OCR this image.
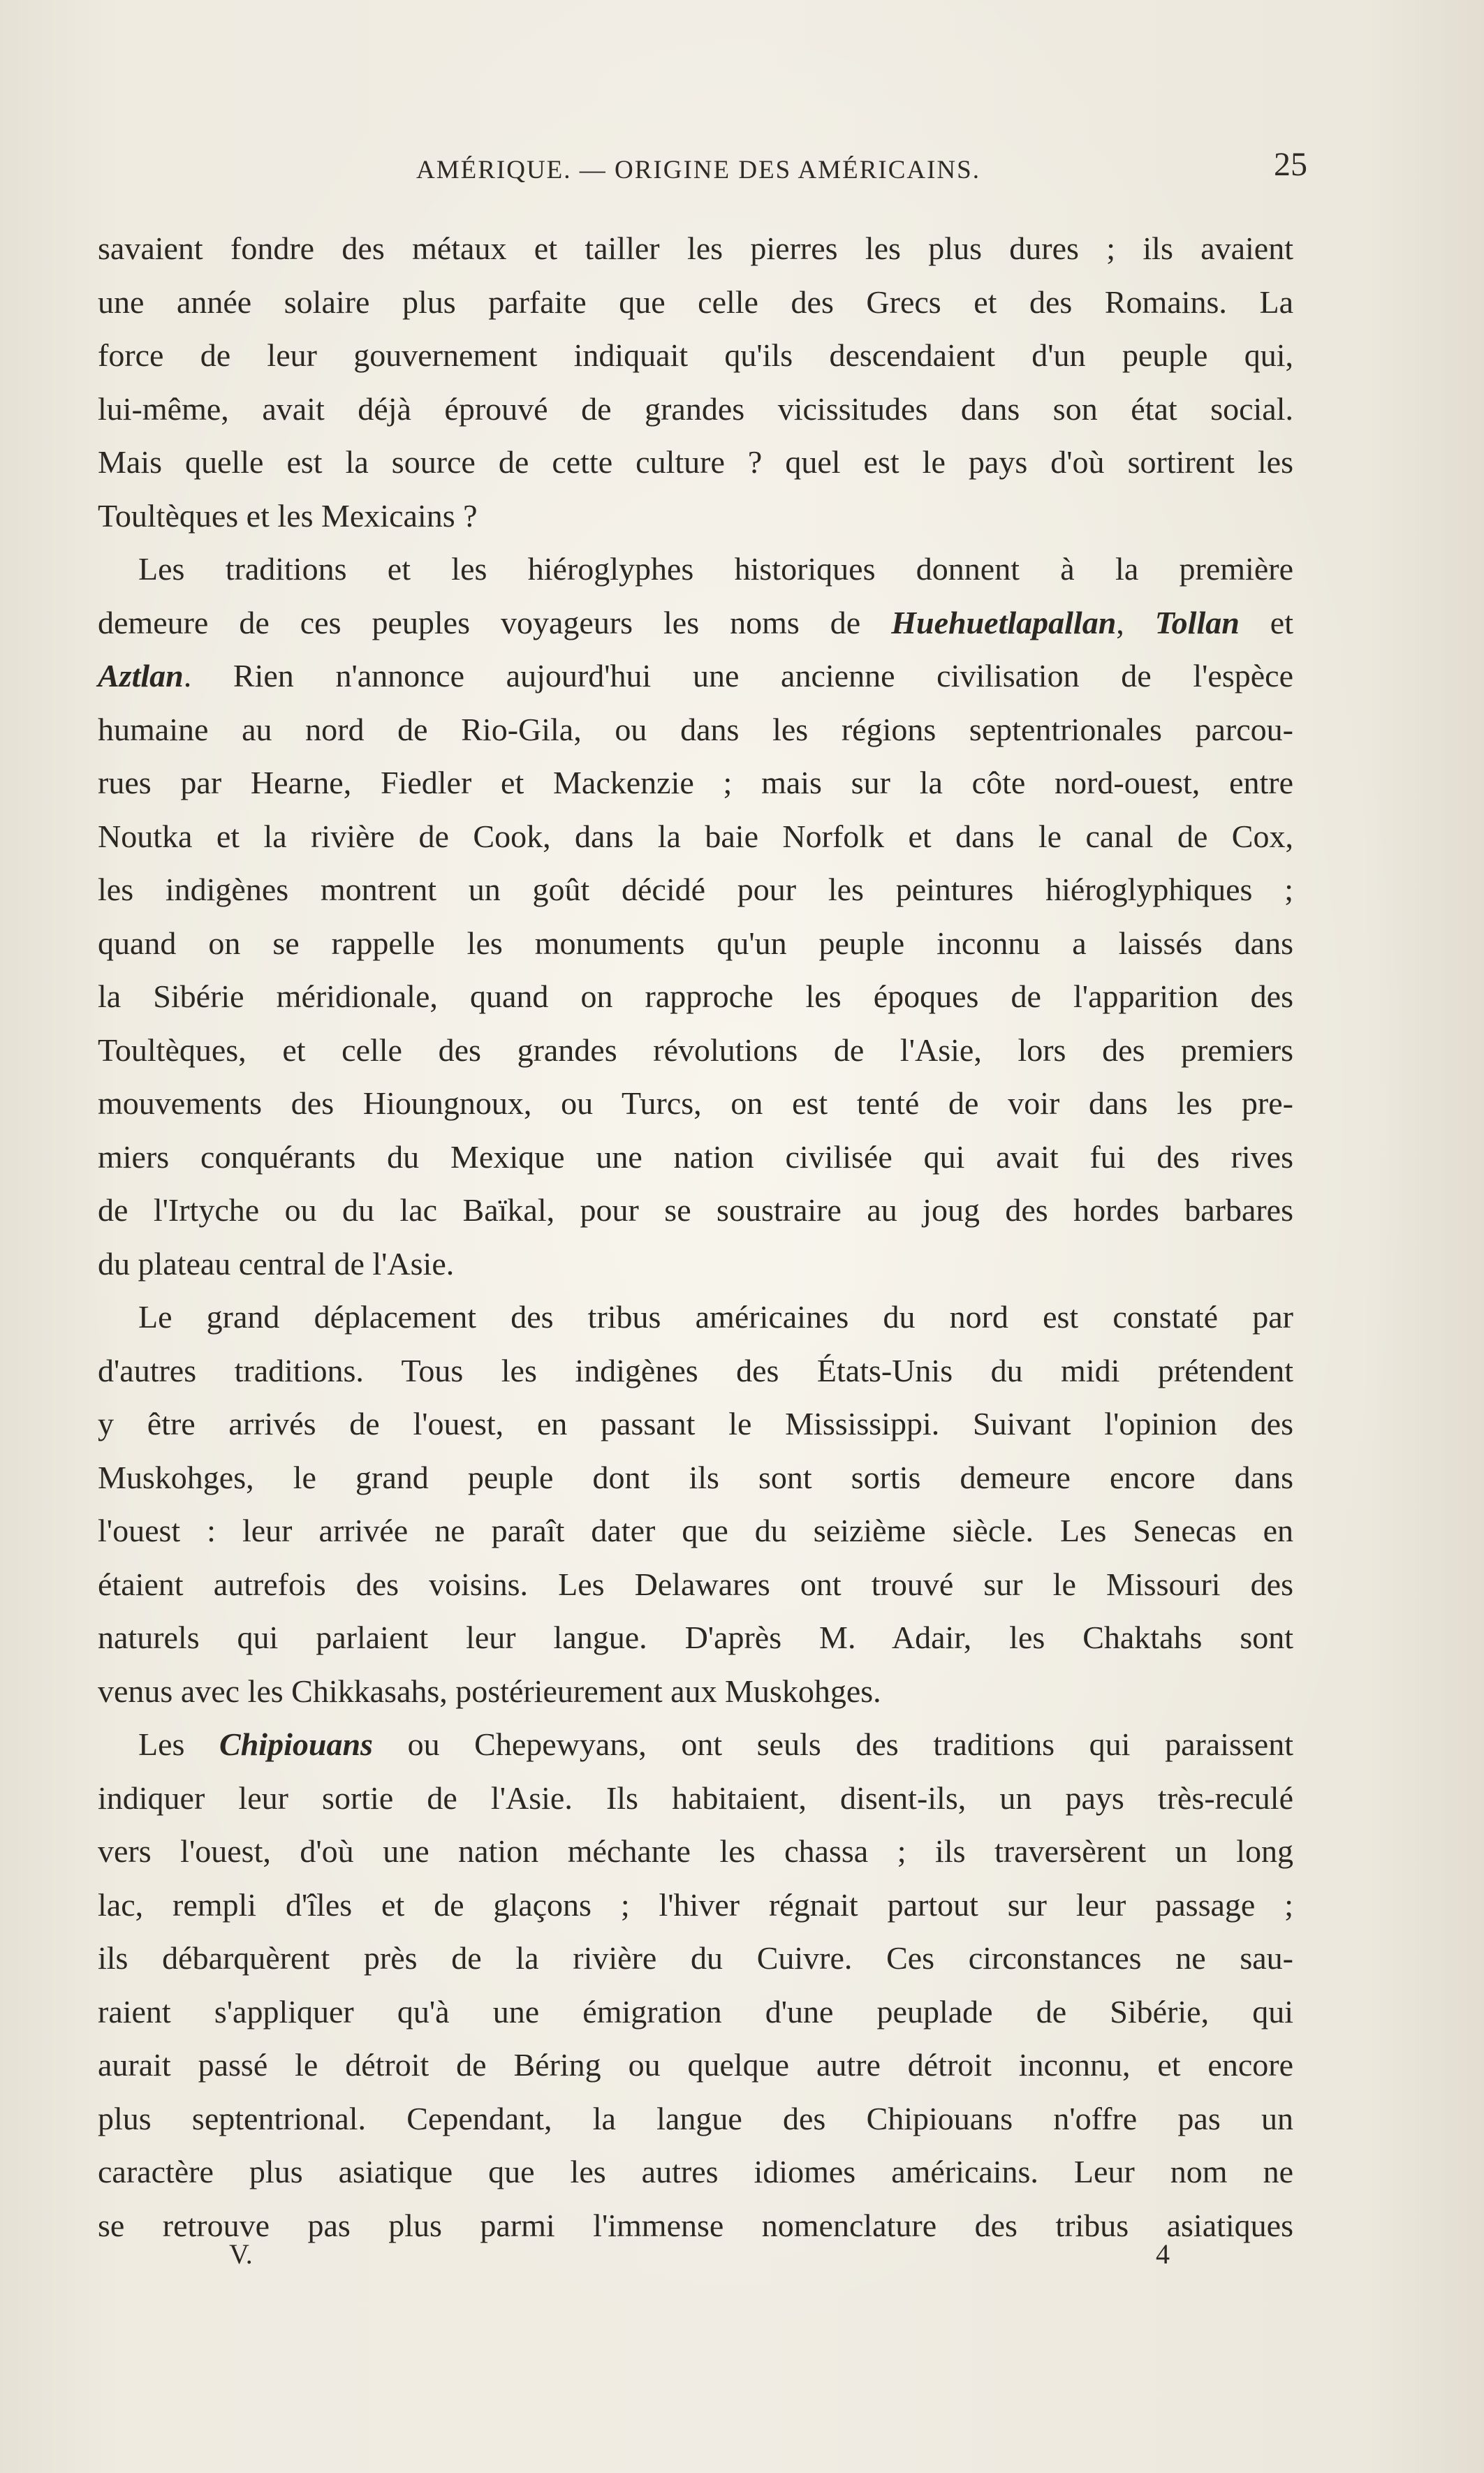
AMÉRIQUE. — ORIGINE DES AMÉRICAINS.	25
savaient fondre des métaux et tailler les pierres les plus dures ; ils avaient
une année solaire plus parfaite que celle des Grecs et des Romains. La
force de leur gouvernement indiquait qu'ils descendaient d'un peuple qui,
lui-même, avait déjà éprouvé de grandes vicissitudes dans son état social.
Mais quelle est la source de cette culture ? quel est le pays d'où sortirent les
Toultèques et les Mexicains ?
Les traditions et les hiéroglyphes historiques donnent à la première
demeure de ces peuples voyageurs les noms de Huehuetlapallan, Tollan et
Aztlan. Rien n'annonce aujourd'hui une ancienne civilisation de l'espèce
humaine au nord de Rio-Gila, ou dans les régions septentrionales parcou-
rues par Hearne, Fiedler et Mackenzie ; mais sur la côte nord-ouest, entre
Noutka et la rivière de Cook, dans la baie Norfolk et dans le canal de Cox,
les indigènes montrent un goût décidé pour les peintures hiéroglyphiques ;
quand on se rappelle les monuments qu'un peuple inconnu a laissés dans
la Sibérie méridionale, quand on rapproche les époques de l'apparition des
Toultèques, et celle des grandes révolutions de l'Asie, lors des premiers
mouvements des Hioungnoux, ou Turcs, on est tenté de voir dans les pre-
miers conquérants du Mexique une nation civilisée qui avait fui des rives
de l'Irtyche ou du lac Baïkal, pour se soustraire au joug des hordes barbares
du plateau central de l'Asie.
Le grand déplacement des tribus américaines du nord est constaté par
d'autres traditions. Tous les indigènes des États-Unis du midi prétendent
y être arrivés de l'ouest, en passant le Mississippi. Suivant l'opinion des
Muskohges, le grand peuple dont ils sont sortis demeure encore dans
l'ouest : leur arrivée ne paraît dater que du seizième siècle. Les Senecas en
étaient autrefois des voisins. Les Delawares ont trouvé sur le Missouri des
naturels qui parlaient leur langue. D'après M. Adair, les Chaktahs sont
venus avec les Chikkasahs, postérieurement aux Muskohges.
Les Chipiouans ou Chepewyans, ont seuls des traditions qui paraissent
indiquer leur sortie de l'Asie. Ils habitaient, disent-ils, un pays très-reculé
vers l'ouest, d'où une nation méchante les chassa ; ils traversèrent un long
lac, rempli d'îles et de glaçons ; l'hiver régnait partout sur leur passage ;
ils débarquèrent près de la rivière du Cuivre. Ces circonstances ne sau-
raient s'appliquer qu'à une émigration d'une peuplade de Sibérie, qui
aurait passé le détroit de Béring ou quelque autre détroit inconnu, et encore
plus septentrional. Cependant, la langue des Chipiouans n'offre pas un
caractère plus asiatique que les autres idiomes américains. Leur nom ne
se retrouve pas plus parmi l'immense nomenclature des tribus asiatiques
V.	4
